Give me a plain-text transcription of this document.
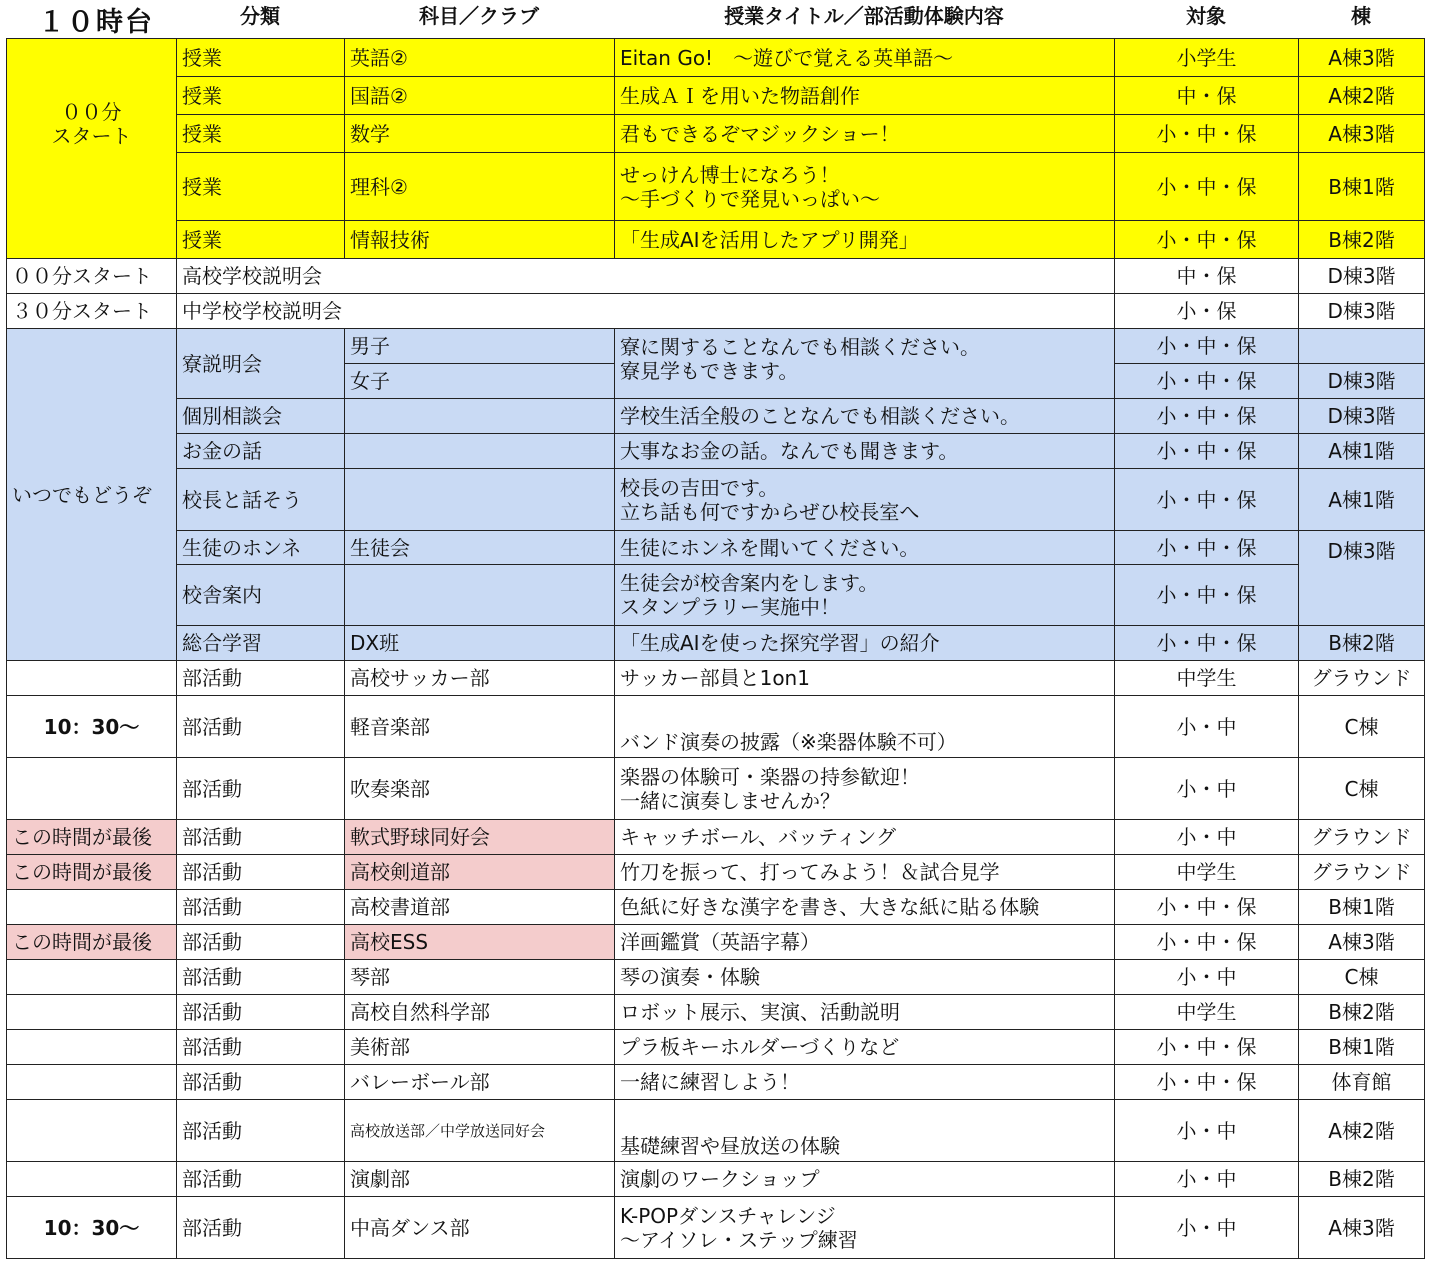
１０時台	分類	科目／クラブ	授業タイトル／部活動体験内容	対象	棟
００分
スタート	授業	英語②	Eitan Go!　～遊びで覚える英単語～	小学生	A棟3階
	授業	国語②	生成ＡＩを用いた物語創作	中・保	A棟2階
	授業	数学	君もできるぞマジックショー！	小・中・保	A棟3階
	授業	理科②	せっけん博士になろう！
～手づくりで発見いっぱい～	小・中・保	B棟1階
	授業	情報技術	「生成AIを活用したアプリ開発」	小・中・保	B棟2階
００分スタート	高校学校説明会			中・保	D棟3階
３０分スタート	中学校学校説明会			小・保	D棟3階
いつでもどうぞ	寮説明会	男子	寮に関することなんでも相談ください。
寮見学もできます。	小・中・保	
		女子		小・中・保	D棟3階
	個別相談会		学校生活全般のことなんでも相談ください。	小・中・保	D棟3階
	お金の話		大事なお金の話。なんでも聞きます。	小・中・保	A棟1階
	校長と話そう		校長の吉田です。
立ち話も何ですからぜひ校長室へ	小・中・保	A棟1階
	生徒のホンネ	生徒会	生徒にホンネを聞いてください。	小・中・保	D棟3階
	校舎案内		生徒会が校舎案内をします。
スタンプラリー実施中！	小・中・保	
	総合学習	DX班	「生成AIを使った探究学習」の紹介	小・中・保	B棟2階

	部活動	高校サッカー部	サッカー部員と1on1	中学生	グラウンド
10：30～	部活動	軽音楽部	バンド演奏の披露（※楽器体験不可）	小・中	C棟
	部活動	吹奏楽部	楽器の体験可・楽器の持参歓迎！
一緒に演奏しませんか？	小・中	C棟
この時間が最後	部活動	軟式野球同好会	キャッチボール、バッティング	小・中	グラウンド
この時間が最後	部活動	高校剣道部	竹刀を振って、打ってみよう！＆試合見学	中学生	グラウンド
	部活動	高校書道部	色紙に好きな漢字を書き、大きな紙に貼る体験	小・中・保	B棟1階
この時間が最後	部活動	高校ESS	洋画鑑賞（英語字幕）	小・中・保	A棟3階
	部活動	琴部	琴の演奏・体験	小・中	C棟
	部活動	高校自然科学部	ロボット展示、実演、活動説明	中学生	B棟2階
	部活動	美術部	プラ板キーホルダーづくりなど	小・中・保	B棟1階
	部活動	バレーボール部	一緒に練習しよう！	小・中・保	体育館
	部活動	高校放送部／中学放送同好会	基礎練習や昼放送の体験	小・中	A棟2階
	部活動	演劇部	演劇のワークショップ	小・中	B棟2階
10：30～	部活動	中高ダンス部	K-POPダンスチャレンジ
～アイソレ・ステップ練習	小・中	A棟3階
